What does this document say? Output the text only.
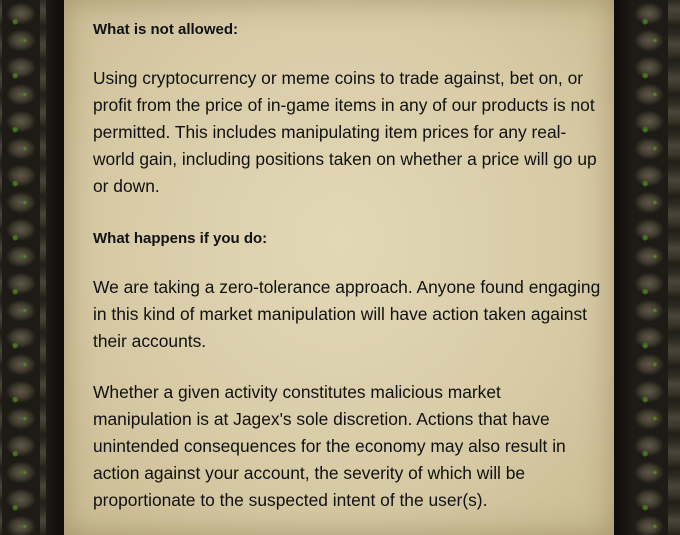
What is not allowed:

Using cryptocurrency or meme coins to trade against, bet on, or profit from the price of in-game items in any of our products is not permitted. This includes manipulating item prices for any real-world gain, including positions taken on whether a price will go up or down.

What happens if you do:

We are taking a zero-tolerance approach. Anyone found engaging in this kind of market manipulation will have action taken against their accounts.

Whether a given activity constitutes malicious market manipulation is at Jagex's sole discretion. Actions that have unintended consequences for the economy may also result in action against your account, the severity of which will be proportionate to the suspected intent of the user(s).
